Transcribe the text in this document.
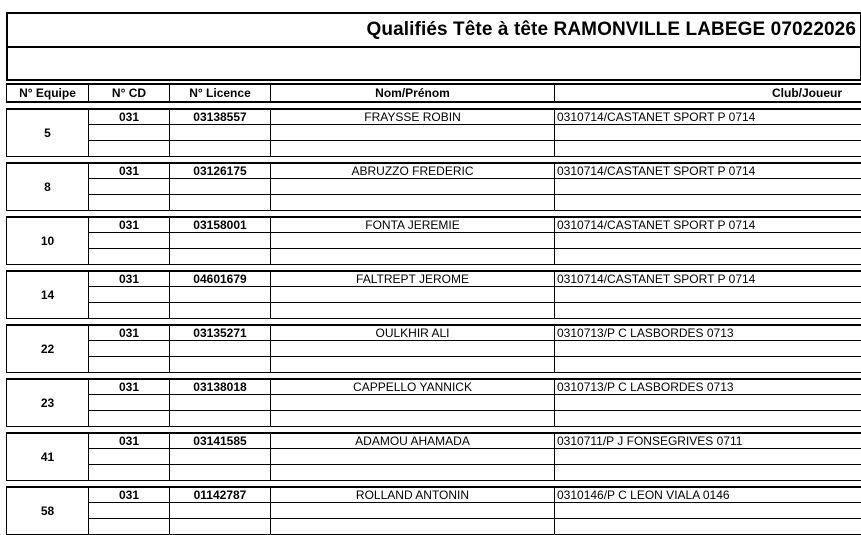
Qualifiés Tête à tête RAMONVILLE LABEGE 07022026
N° Equipe	N° CD	N° Licence	Nom/Prénom	Club/Joueur

5	031	03138557	FRAYSSE ROBIN	0310714/CASTANET SPORT P 0714

8	031	03126175	ABRUZZO FREDERIC	0310714/CASTANET SPORT P 0714

10	031	03158001	FONTA JEREMIE	0310714/CASTANET SPORT P 0714

14	031	04601679	FALTREPT JEROME	0310714/CASTANET SPORT P 0714

22	031	03135271	OULKHIR ALI	0310713/P C LASBORDES 0713

23	031	03138018	CAPPELLO YANNICK	0310713/P C LASBORDES 0713

41	031	03141585	ADAMOU AHAMADA	0310711/P J FONSEGRIVES 0711

58	031	01142787	ROLLAND ANTONIN	0310146/P C LEON VIALA 0146
